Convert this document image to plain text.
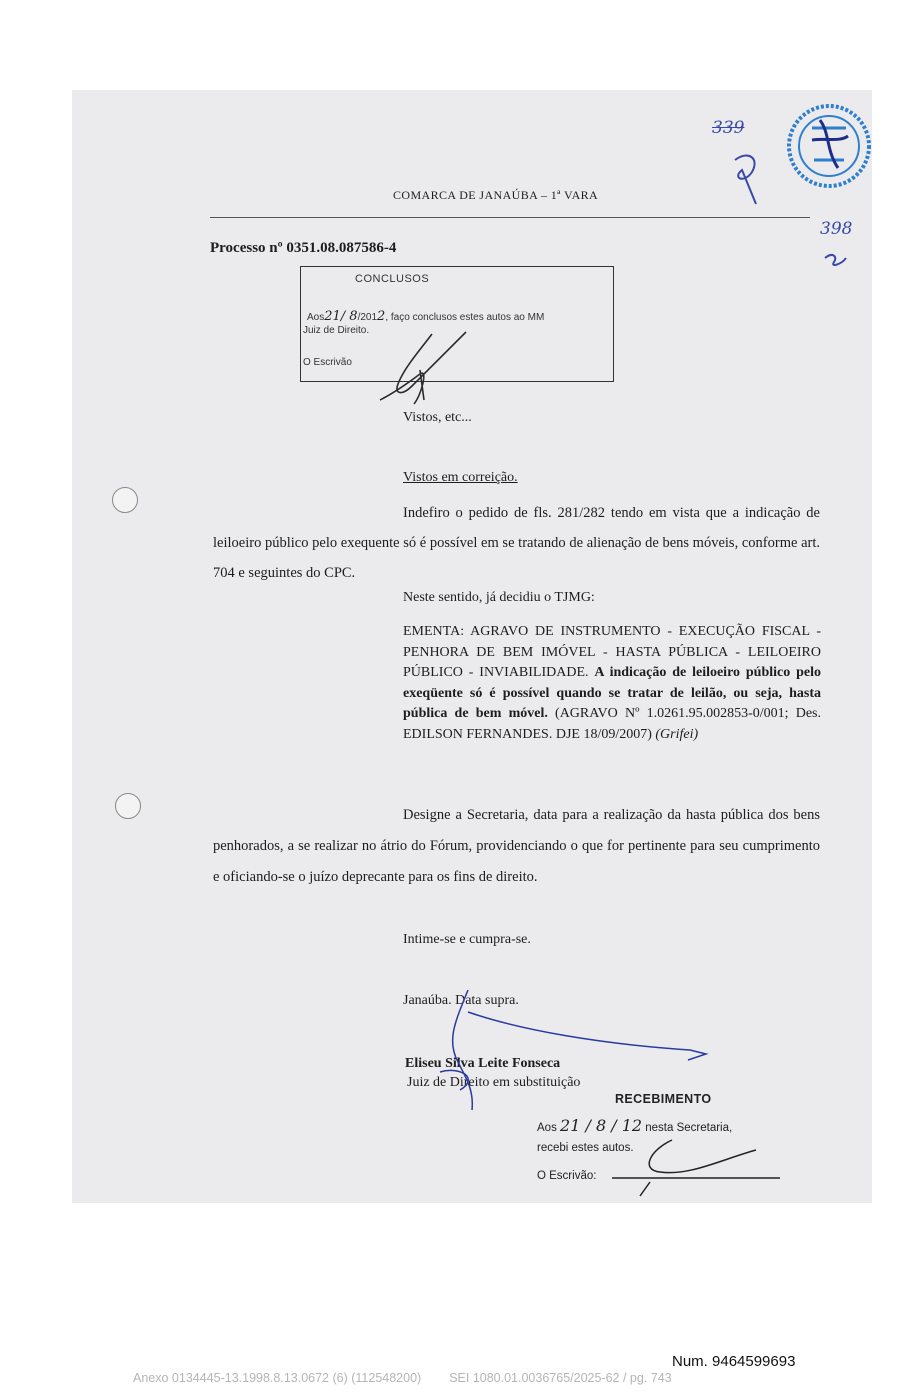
COMARCA DE JANAÚBA – 1ª VARA
Processo nº 0351.08.087586-4
CONCLUSOS
Aos21/ 8/2012, faço conclusos estes autos ao MM
Juiz de Direito.
O Escrivão
Vistos, etc...
Vistos em correição.
Indefiro o pedido de fls. 281/282 tendo em vista que a indicação de leiloeiro público pelo exequente só é possível em se tratando de alienação de bens móveis, conforme art. 704 e seguintes do CPC.
Neste sentido, já decidiu o TJMG:
EMENTA: AGRAVO DE INSTRUMENTO - EXECUÇÃO FISCAL - PENHORA DE BEM IMÓVEL - HASTA PÚBLICA - LEILOEIRO PÚBLICO - INVIABILIDADE. A indicação de leiloeiro público pelo exeqüente só é possível quando se tratar de leilão, ou seja, hasta pública de bem móvel. (AGRAVO Nº 1.0261.95.002853-0/001; Des. EDILSON FERNANDES. DJE 18/09/2007) (Grifei)
Designe a Secretaria, data para a realização da hasta pública dos bens penhorados, a se realizar no átrio do Fórum, providenciando o que for pertinente para seu cumprimento e oficiando-se o juízo deprecante para os fins de direito.
Intime-se e cumpra-se.
Janaúba. Data supra.
Eliseu Silva Leite Fonseca
Juiz de Direito em substituição
RECEBIMENTO
Aos 21 / 8 / 12 nesta Secretaria,
recebi estes autos.
O Escrivão:
339
398
Num. 9464599693
Anexo 0134445-13.1998.8.13.0672 (6) (112548200) SEI 1080.01.0036765/2025-62 / pg. 743
